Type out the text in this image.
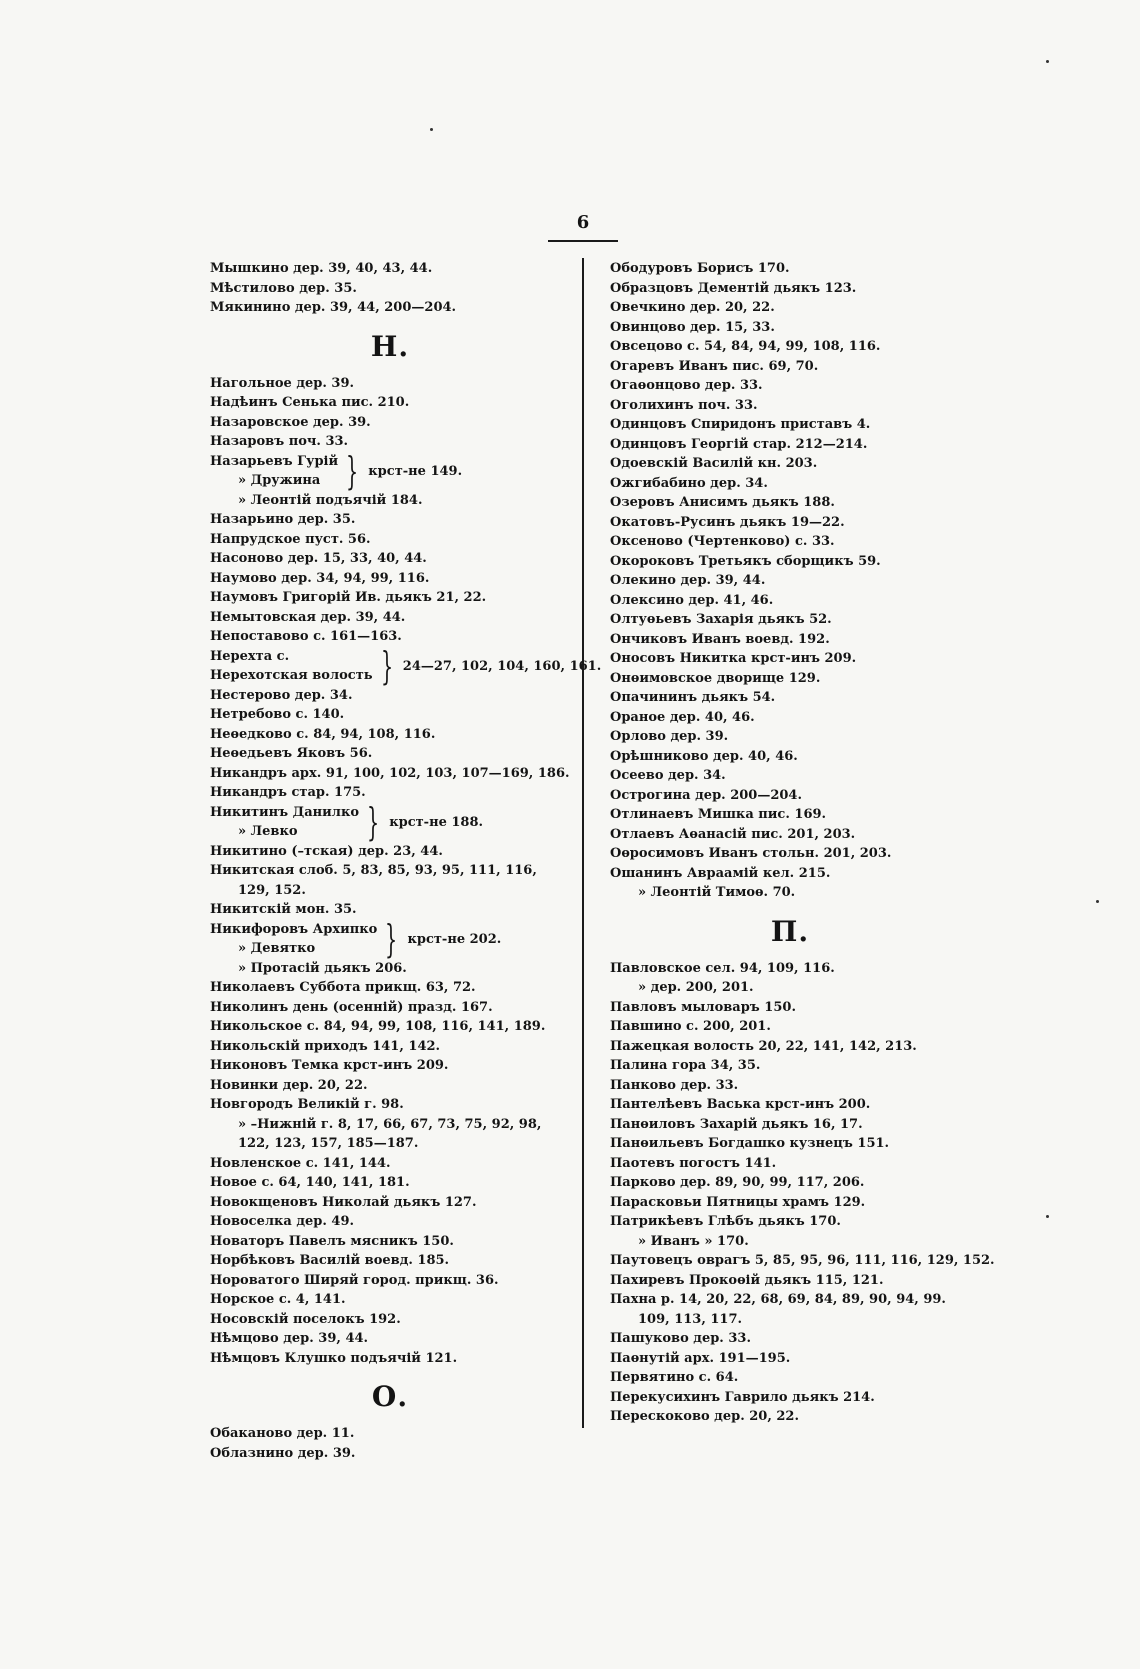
6
Мышкино дер. 39, 40, 43, 44.
Мѣстилово дер. 35.
Мякинино дер. 39, 44, 200—204.
Н.
Нагольное дер. 39.
Надѣинъ Сенька пис. 210.
Назаровское дер. 39.
Назаровъ поч. 33.
Назарьевъ Гурій
» Дружина } крст-не 149.
» Леонтій подъячій 184.
Назарьино дер. 35.
Напрудское пуст. 56.
Насоново дер. 15, 33, 40, 44.
Наумово дер. 34, 94, 99, 116.
Наумовъ Григорій Ив. дьякъ 21, 22.
Немытовская дер. 39, 44.
Непоставово с. 161—163.
Нерехта с.
Нерехотская волость } 24—27, 102, 104, 160, 161.
Нестерово дер. 34.
Нетребово с. 140.
Неѳедково с. 84, 94, 108, 116.
Неѳедьевъ Яковъ 56.
Никандръ арх. 91, 100, 102, 103, 107—169, 186.
Никандръ стар. 175.
Никитинъ Данилко
» Левко	} крст-не 188.
Никитино (–тская) дер. 23, 44.
Никитская слоб. 5, 83, 85, 93, 95, 111, 116,
129, 152.
Никитскій мон. 35.
Никифоровъ Архипко
» Девятко	} крст-не 202.
» Протасій дьякъ 206.
Николаевъ Суббота прикщ. 63, 72.
Николинъ день (осенній) празд. 167.
Никольское с. 84, 94, 99, 108, 116, 141, 189.
Никольскій приходъ 141, 142.
Никоновъ Темка крст-инъ 209.
Новинки дер. 20, 22.
Новгородъ Великій г. 98.
» –Нижній г. 8, 17, 66, 67, 73, 75, 92, 98,
122, 123, 157, 185—187.
Новленское с. 141, 144.
Новое с. 64, 140, 141, 181.
Новокщеновъ Николай дьякъ 127.
Новоселка дер. 49.
Новаторъ Павелъ мясникъ 150.
Норбѣковъ Василій воевд. 185.
Нороватого Ширяй город. прикщ. 36.
Норское с. 4, 141.
Носовскій поселокъ 192.
Нѣмцово дер. 39, 44.
Нѣмцовъ Клушко подъячій 121.
О.
Обаканово дер. 11.
Облазнино дер. 39.
Ободуровъ Борисъ 170.
Образцовъ Дементій дьякъ 123.
Овечкино дер. 20, 22.
Овинцово дер. 15, 33.
Овсецово с. 54, 84, 94, 99, 108, 116.
Огаревъ Иванъ пис. 69, 70.
Огаѳонцово дер. 33.
Оголихинъ поч. 33.
Одинцовъ Спиридонъ приставъ 4.
Одинцовъ Георгій стар. 212—214.
Одоевскій Василій кн. 203.
Ожгибабино дер. 34.
Озеровъ Анисимъ дьякъ 188.
Окатовъ-Русинъ дьякъ 19—22.
Оксеново (Чертенково) с. 33.
Окороковъ Третьякъ сборщикъ 59.
Олекино дер. 39, 44.
Олексино дер. 41, 46.
Олтуѳьевъ Захарія дьякъ 52.
Ончиковъ Иванъ воевд. 192.
Оносовъ Никитка крст-инъ 209.
Онѳимовское дворище 129.
Опачининъ дьякъ 54.
Ораное дер. 40, 46.
Орлово дер. 39.
Орѣшниково дер. 40, 46.
Осеево дер. 34.
Острогина дер. 200—204.
Отлинаевъ Мишка пис. 169.
Отлаевъ Аѳанасій пис. 201, 203.
Оѳросимовъ Иванъ стольн. 201, 203.
Ошанинъ Авраамій кел. 215.
» Леонтій Тимоѳ. 70.
П.
Павловское сел. 94, 109, 116.
» дер. 200, 201.
Павловъ мыловаръ 150.
Павшино с. 200, 201.
Пажецкая волость 20, 22, 141, 142, 213.
Палина гора 34, 35.
Панково дер. 33.
Пантелѣевъ Васька крст-инъ 200.
Панѳиловъ Захарій дьякъ 16, 17.
Панѳильевъ Богдашко кузнецъ 151.
Паотевъ погостъ 141.
Парково дер. 89, 90, 99, 117, 206.
Парасковьи Пятницы храмъ 129.
Патрикѣевъ Глѣбъ дьякъ 170.
» Иванъ » 170.
Паутовецъ оврагъ 5, 85, 95, 96, 111, 116, 129, 152.
Пахиревъ Прокоѳій дьякъ 115, 121.
Пахна р. 14, 20, 22, 68, 69, 84, 89, 90, 94, 99.
109, 113, 117.
Пашуково дер. 33.
Паѳнутій арх. 191—195.
Первятино с. 64.
Перекусихинъ Гаврило дьякъ 214.
Перескоково дер. 20, 22.
